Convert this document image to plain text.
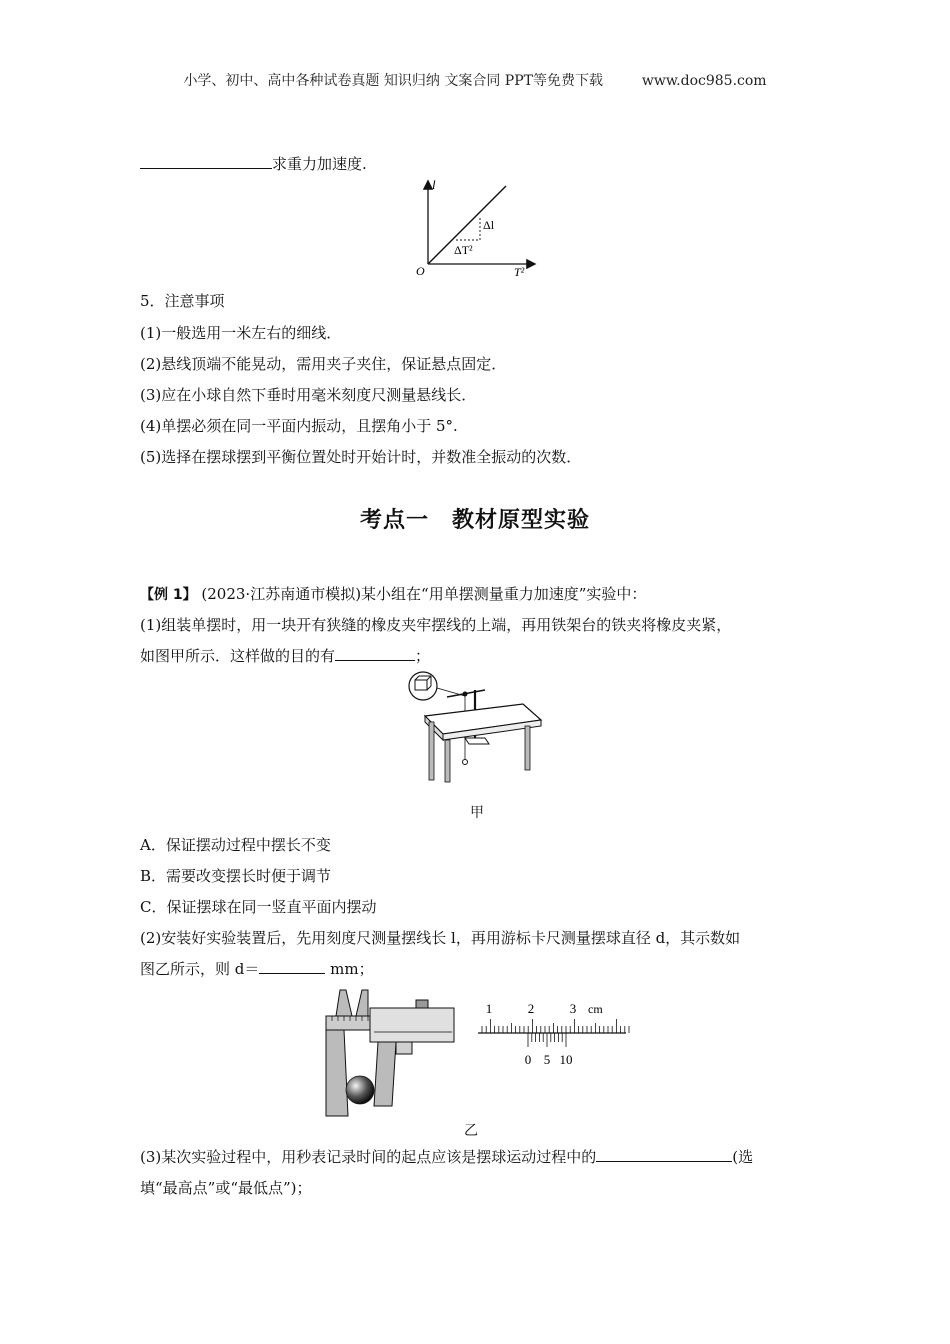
小学、初中、高中各种试卷真题 知识归纳 文案合同 PPT等免费下载	www.doc985.com
求重力加速度.
l
O	T²
Δl
ΔT²
5．注意事项
(1)一般选用一米左右的细线．
(2)悬线顶端不能晃动，需用夹子夹住，保证悬点固定．
(3)应在小球自然下垂时用毫米刻度尺测量悬线长．
(4)单摆必须在同一平面内振动，且摆角小于 5°.
(5)选择在摆球摆到平衡位置处时开始计时，并数准全振动的次数．
考点一　教材原型实验
【例 1】 (2023·江苏南通市模拟)某小组在“用单摆测量重力加速度”实验中：
(1)组装单摆时，用一块开有狭缝的橡皮夹牢摆线的上端，再用铁架台的铁夹将橡皮夹紧，
如图甲所示．这样做的目的有	；
甲
A．保证摆动过程中摆长不变
B．需要改变摆长时便于调节
C．保证摆球在同一竖直平面内摆动
(2)安装好实验装置后，先用刻度尺测量摆线长 l，再用游标卡尺测量摆球直径 d，其示数如
图乙所示，则 d＝	mm；
1	2	3 cm
0 5 10
乙
(3)某次实验过程中，用秒表记录时间的起点应该是摆球运动过程中的	(选
填“最高点”或“最低点”)；
